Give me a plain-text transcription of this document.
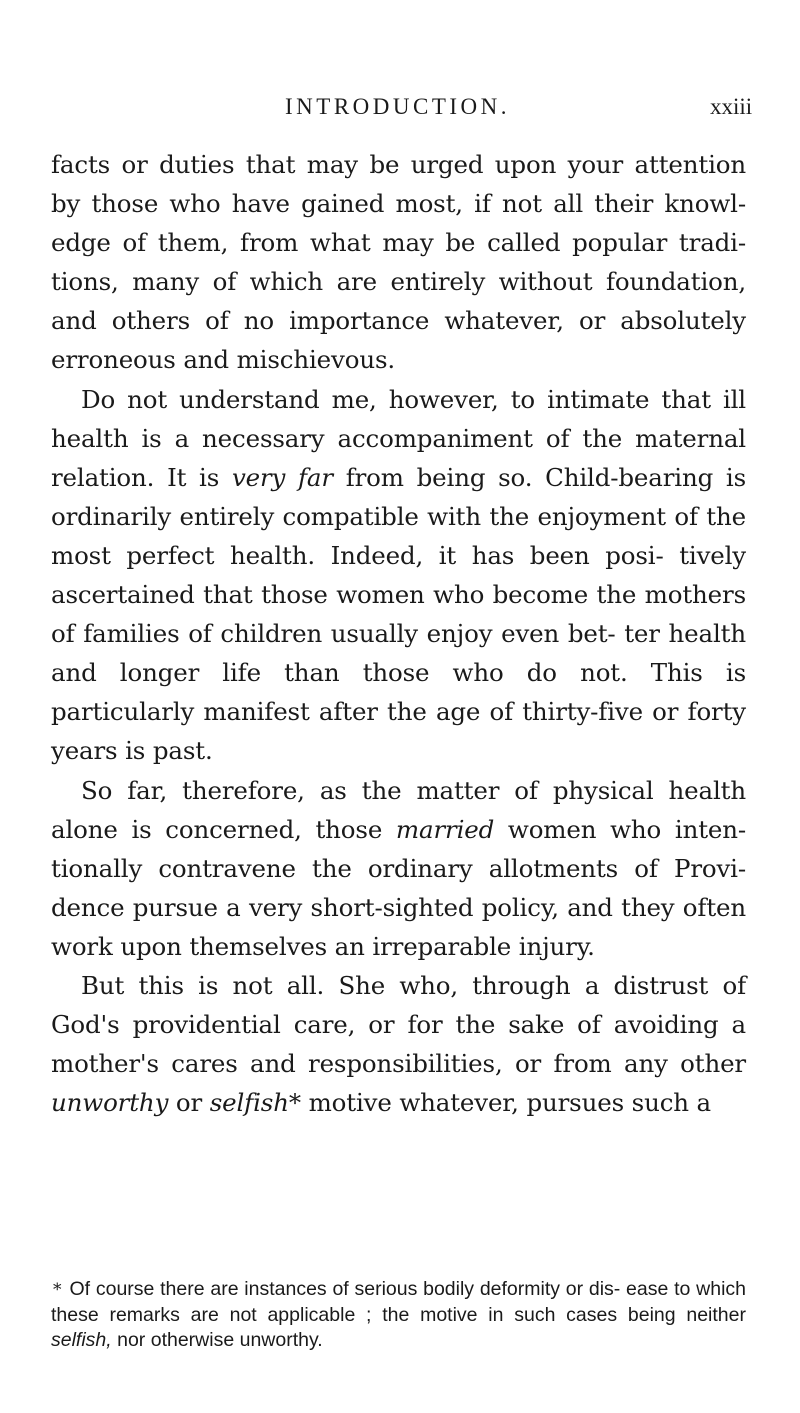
INTRODUCTION.	xxiii

facts or duties that may be urged upon your attention by those who have gained most, if not all their knowl- edge of them, from what may be called popular tradi- tions, many of which are entirely without foundation, and others of no importance whatever, or absolutely erroneous and mischievous.

Do not understand me, however, to intimate that ill health is a necessary accompaniment of the maternal relation. It is very far from being so. Child-bearing is ordinarily entirely compatible with the enjoyment of the most perfect health. Indeed, it has been posi- tively ascertained that those women who become the mothers of families of children usually enjoy even bet- ter health and longer life than those who do not. This is particularly manifest after the age of thirty-five or forty years is past.

So far, therefore, as the matter of physical health alone is concerned, those married women who inten- tionally contravene the ordinary allotments of Provi- dence pursue a very short-sighted policy, and they often work upon themselves an irreparable injury.

But this is not all. She who, through a distrust of God's providential care, or for the sake of avoiding a mother's cares and responsibilities, or from any other unworthy or selfish* motive whatever, pursues such a

* Of course there are instances of serious bodily deformity or dis- ease to which these remarks are not applicable ; the motive in such cases being neither selfish, nor otherwise unworthy.
